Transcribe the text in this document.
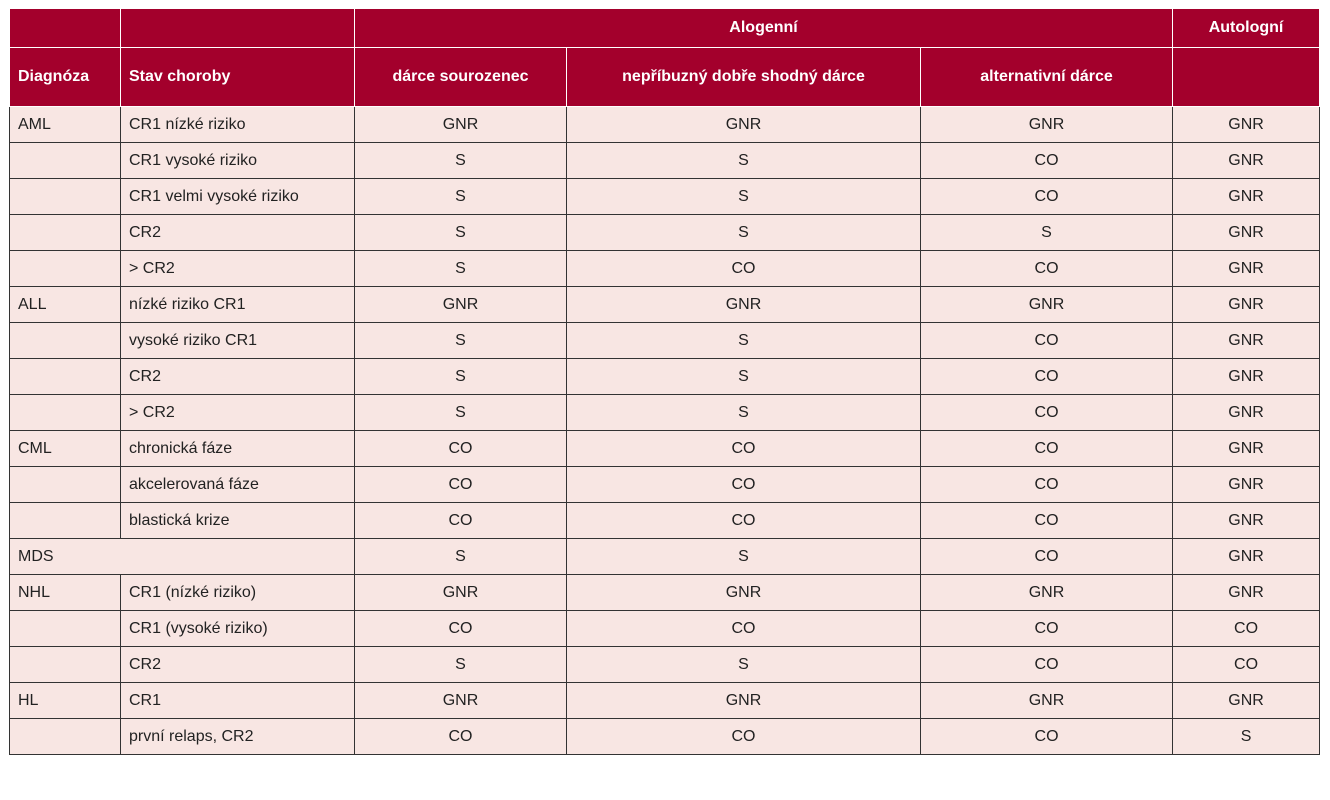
		Alogenní			Autologní
Diagnóza	Stav choroby	dárce sourozenec	nepříbuzný dobře shodný dárce	alternativní dárce	
AML	CR1 nízké riziko	GNR	GNR	GNR	GNR
	CR1 vysoké riziko	S	S	CO	GNR
	CR1 velmi vysoké riziko	S	S	CO	GNR
	CR2	S	S	S	GNR
	> CR2	S	CO	CO	GNR
ALL	nízké riziko CR1	GNR	GNR	GNR	GNR
	vysoké riziko CR1	S	S	CO	GNR
	CR2	S	S	CO	GNR
	> CR2	S	S	CO	GNR
CML	chronická fáze	CO	CO	CO	GNR
	akcelerovaná fáze	CO	CO	CO	GNR
	blastická krize	CO	CO	CO	GNR
MDS		S	S	CO	GNR
NHL	CR1 (nízké riziko)	GNR	GNR	GNR	GNR
	CR1 (vysoké riziko)	CO	CO	CO	CO
	CR2	S	S	CO	CO
HL	CR1	GNR	GNR	GNR	GNR
	první relaps, CR2	CO	CO	CO	S
